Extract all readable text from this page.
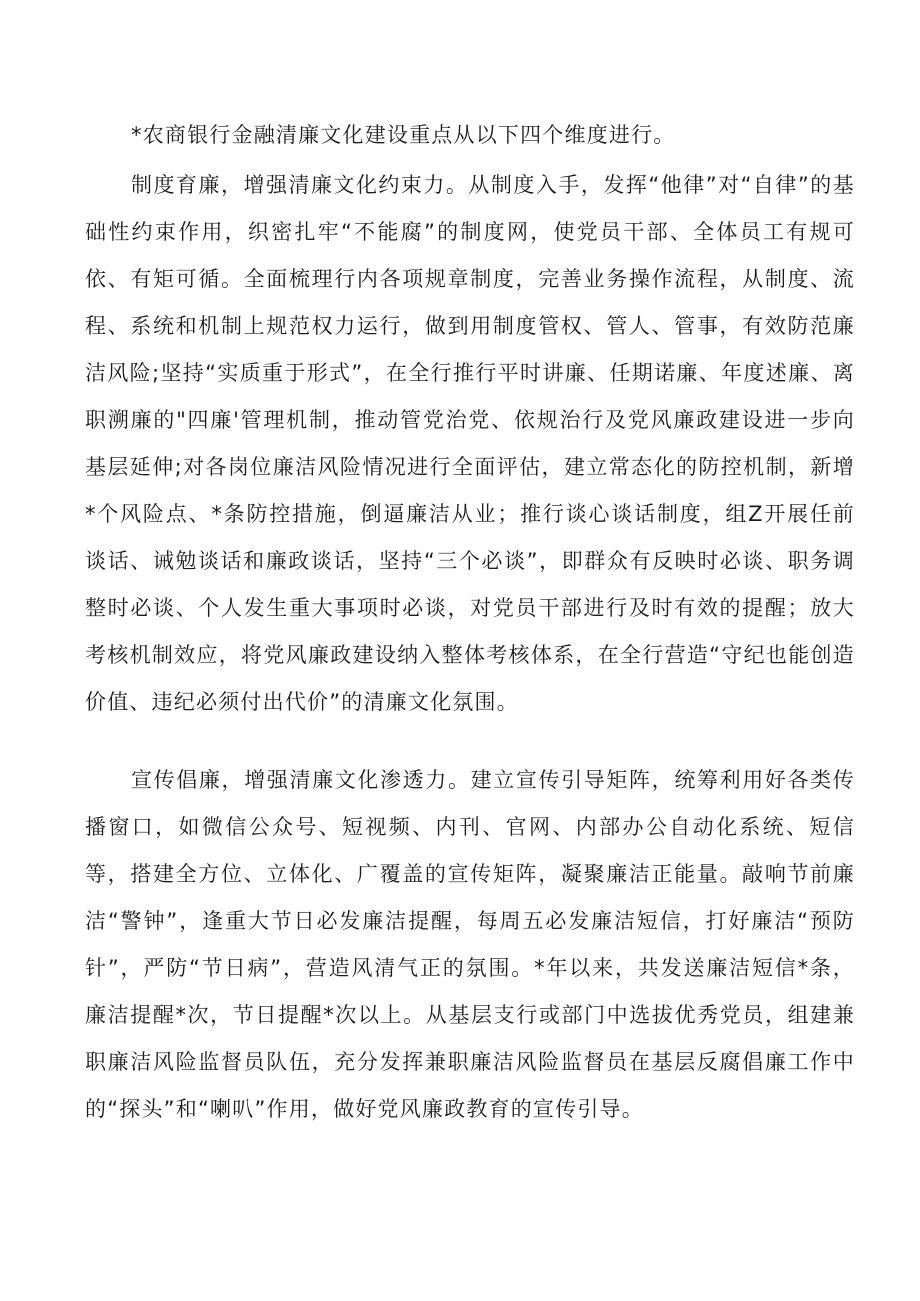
*农商银行金融清廉文化建设重点从以下四个维度进行。

制度育廉，增强清廉文化约束力。从制度入手，发挥“他律”对“自律”的基础性约束作用，织密扎牢“不能腐”的制度网，使党员干部、全体员工有规可依、有矩可循。全面梳理行内各项规章制度，完善业务操作流程，从制度、流程、系统和机制上规范权力运行，做到用制度管权、管人、管事，有效防范廉洁风险;坚持“实质重于形式”，在全行推行平时讲廉、任期诺廉、年度述廉、离职溯廉的"四廉'管理机制，推动管党治党、依规治行及党风廉政建设进一步向基层延伸;对各岗位廉洁风险情况进行全面评估，建立常态化的防控机制，新增*个风险点、*条防控措施，倒逼廉洁从业；推行谈心谈话制度，组Z开展任前谈话、诫勉谈话和廉政谈话，坚持“三个必谈”，即群众有反映时必谈、职务调整时必谈、个人发生重大事项时必谈，对党员干部进行及时有效的提醒；放大考核机制效应，将党风廉政建设纳入整体考核体系，在全行营造“守纪也能创造价值、违纪必须付出代价”的清廉文化氛围。

宣传倡廉，增强清廉文化渗透力。建立宣传引导矩阵，统筹利用好各类传播窗口，如微信公众号、短视频、内刊、官网、内部办公自动化系统、短信等，搭建全方位、立体化、广覆盖的宣传矩阵，凝聚廉洁正能量。敲响节前廉洁“警钟”，逢重大节日必发廉洁提醒，每周五必发廉洁短信，打好廉洁“预防针”，严防“节日病”，营造风清气正的氛围。*年以来，共发送廉洁短信*条，廉洁提醒*次，节日提醒*次以上。从基层支行或部门中选拔优秀党员，组建兼职廉洁风险监督员队伍，充分发挥兼职廉洁风险监督员在基层反腐倡廉工作中的“探头”和“喇叭”作用，做好党风廉政教育的宣传引导。
